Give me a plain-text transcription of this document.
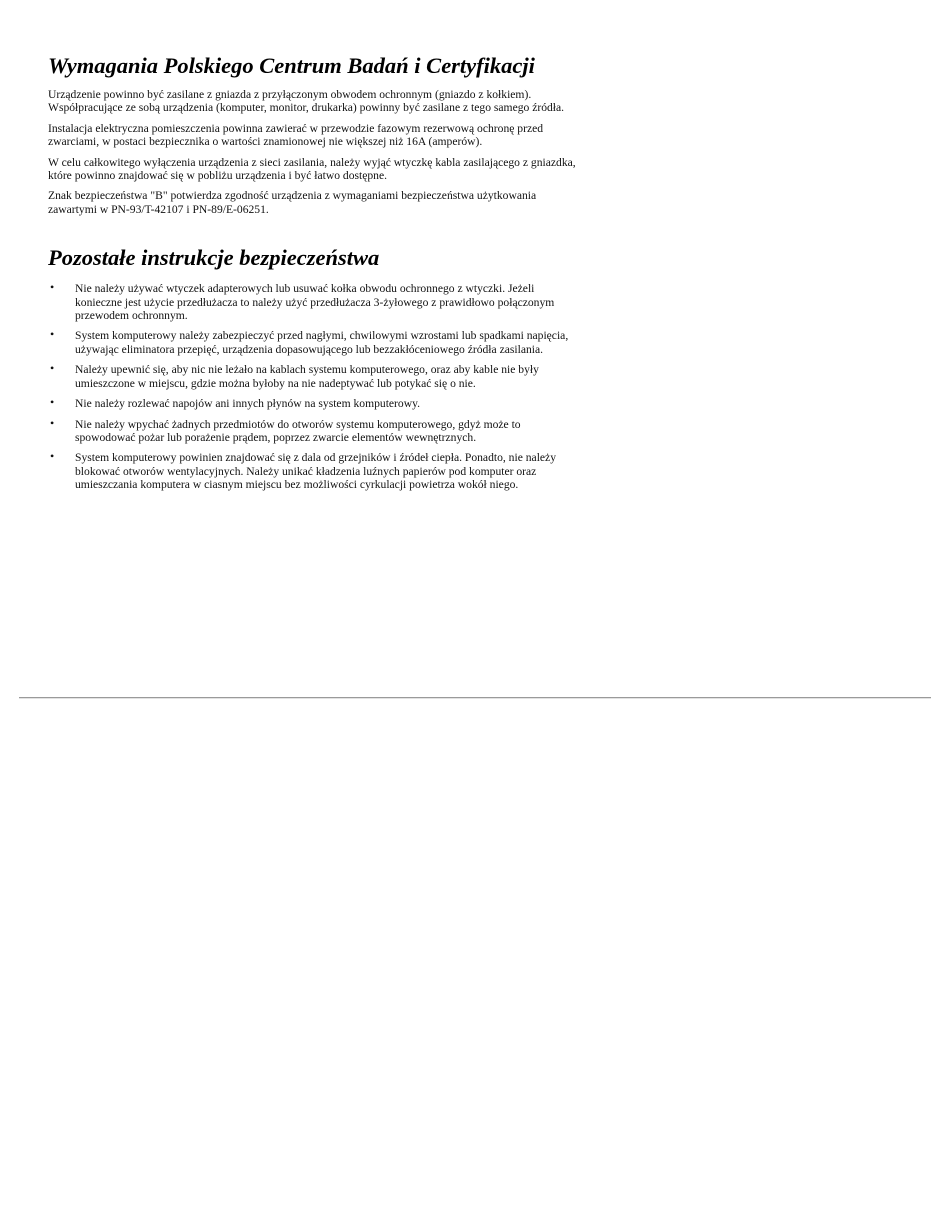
Wymagania Polskiego Centrum Badań i Certyfikacji

Urządzenie powinno być zasilane z gniazda z przyłączonym obwodem ochronnym (gniazdo z kołkiem). Współpracujące ze sobą urządzenia (komputer, monitor, drukarka) powinny być zasilane z tego samego źródła.

Instalacja elektryczna pomieszczenia powinna zawierać w przewodzie fazowym rezerwową ochronę przed zwarciami, w postaci bezpiecznika o wartości znamionowej nie większej niż 16A (amperów).

W celu całkowitego wyłączenia urządzenia z sieci zasilania, należy wyjąć wtyczkę kabla zasilającego z gniazdka, które powinno znajdować się w pobliżu urządzenia i być łatwo dostępne.

Znak bezpieczeństwa "B" potwierdza zgodność urządzenia z wymaganiami bezpieczeństwa użytkowania zawartymi w PN-93/T-42107 i PN-89/E-06251.

Pozostałe instrukcje bezpieczeństwa
• Nie należy używać wtyczek adapterowych lub usuwać kołka obwodu ochronnego z wtyczki. Jeżeli konieczne jest użycie przedłużacza to należy użyć przedłużacza 3-żyłowego z prawidłowo połączonym przewodem ochronnym.
• System komputerowy należy zabezpieczyć przed nagłymi, chwilowymi wzrostami lub spadkami napięcia, używając eliminatora przepięć, urządzenia dopasowującego lub bezzakłóceniowego źródła zasilania.
• Należy upewnić się, aby nic nie leżało na kablach systemu komputerowego, oraz aby kable nie były umieszczone w miejscu, gdzie można byłoby na nie nadeptywać lub potykać się o nie.
• Nie należy rozlewać napojów ani innych płynów na system komputerowy.
• Nie należy wpychać żadnych przedmiotów do otworów systemu komputerowego, gdyż może to spowodować pożar lub porażenie prądem, poprzez zwarcie elementów wewnętrznych.
• System komputerowy powinien znajdować się z dala od grzejników i źródeł ciepła. Ponadto, nie należy blokować otworów wentylacyjnych. Należy unikać kładzenia luźnych papierów pod komputer oraz umieszczania komputera w ciasnym miejscu bez możliwości cyrkulacji powietrza wokół niego.
